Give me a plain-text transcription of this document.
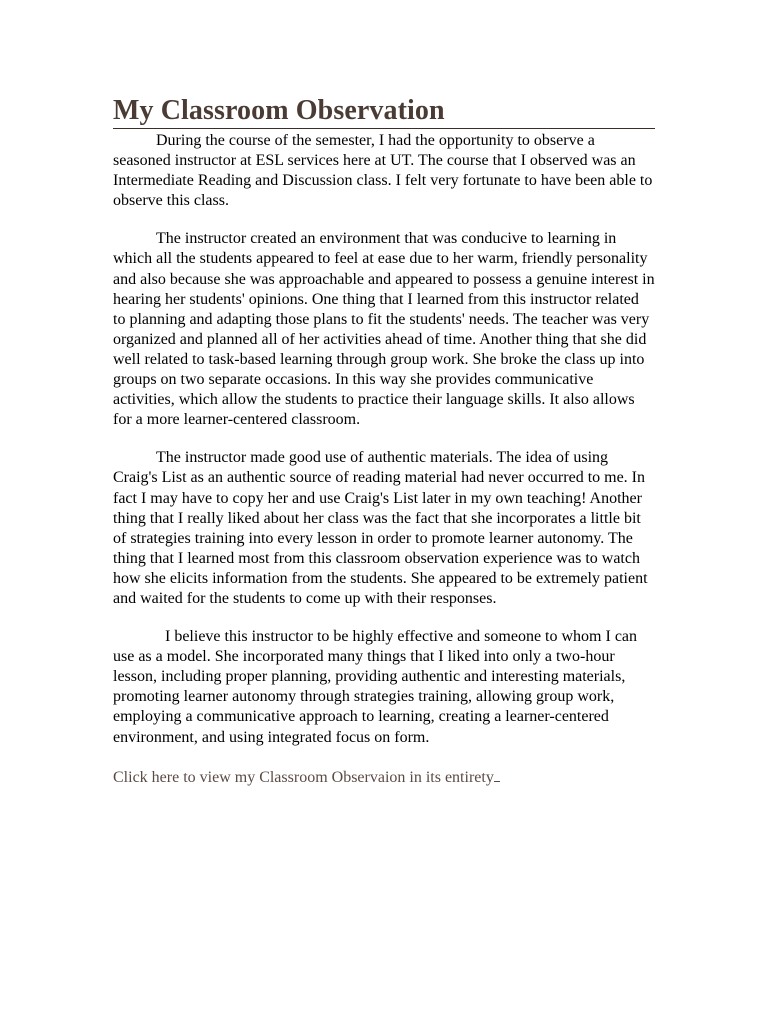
My Classroom Observation

During the course of the semester, I had the opportunity to observe a seasoned instructor at ESL services here at UT. The course that I observed was an Intermediate Reading and Discussion class. I felt very fortunate to have been able to observe this class.

The instructor created an environment that was conducive to learning in which all the students appeared to feel at ease due to her warm, friendly personality and also because she was approachable and appeared to possess a genuine interest in hearing her students' opinions. One thing that I learned from this instructor related to planning and adapting those plans to fit the students' needs. The teacher was very organized and planned all of her activities ahead of time. Another thing that she did well related to task-based learning through group work. She broke the class up into groups on two separate occasions. In this way she provides communicative activities, which allow the students to practice their language skills. It also allows for a more learner-centered classroom.

The instructor made good use of authentic materials. The idea of using Craig's List as an authentic source of reading material had never occurred to me. In fact I may have to copy her and use Craig's List later in my own teaching! Another thing that I really liked about her class was the fact that she incorporates a little bit of strategies training into every lesson in order to promote learner autonomy. The thing that I learned most from this classroom observation experience was to watch how she elicits information from the students. She appeared to be extremely patient and waited for the students to come up with their responses.

I believe this instructor to be highly effective and someone to whom I can use as a model. She incorporated many things that I liked into only a two-hour lesson, including proper planning, providing authentic and interesting materials, promoting learner autonomy through strategies training, allowing group work, employing a communicative approach to learning, creating a learner-centered environment, and using integrated focus on form.

Click here to view my Classroom Observaion in its entirety
